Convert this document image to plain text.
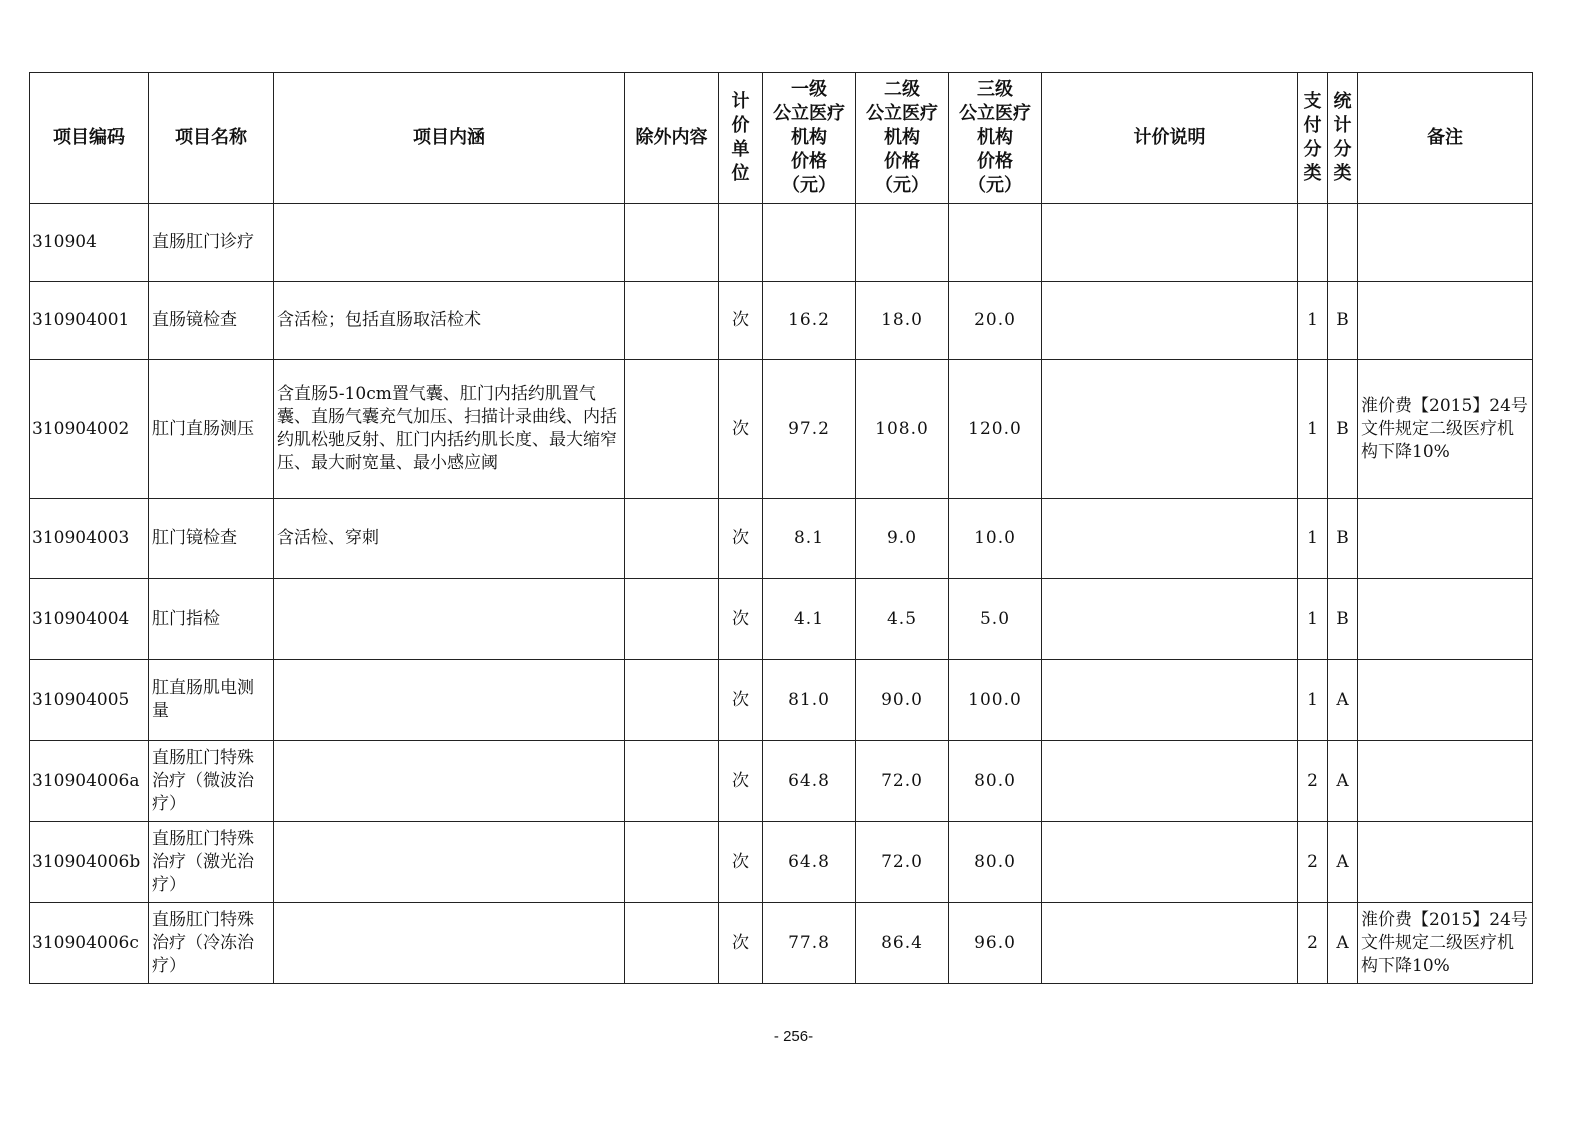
项目编码	项目名称	项目内涵	除外内容	计
价
单
位	一级
公立医疗
机构
价格
（元）	二级
公立医疗
机构
价格
（元）	三级
公立医疗
机构
价格
（元）	计价说明	支
付
分
类	统
计
分
类	备注
310904	直肠肛门诊疗										
310904001	直肠镜检查	含活检；包括直肠取活检术		次	16.2	18.0	20.0		1	B	
310904002	肛门直肠测压	含直肠5-10cm置气囊、肛门内括约肌置气囊、直肠气囊充气加压、扫描计录曲线、内括约肌松驰反射、肛门内括约肌长度、最大缩窄压、最大耐宽量、最小感应阈		次	97.2	108.0	120.0		1	B	淮价费【2015】24号文件规定二级医疗机构下降10%
310904003	肛门镜检查	含活检、穿刺		次	8.1	9.0	10.0		1	B	
310904004	肛门指检			次	4.1	4.5	5.0		1	B	
310904005	肛直肠肌电测量			次	81.0	90.0	100.0		1	A	
310904006a	直肠肛门特殊治疗（微波治疗）			次	64.8	72.0	80.0		2	A	
310904006b	直肠肛门特殊治疗（激光治疗）			次	64.8	72.0	80.0		2	A	
310904006c	直肠肛门特殊治疗（冷冻治疗）			次	77.8	86.4	96.0		2	A	淮价费【2015】24号文件规定二级医疗机构下降10%
- 256-
